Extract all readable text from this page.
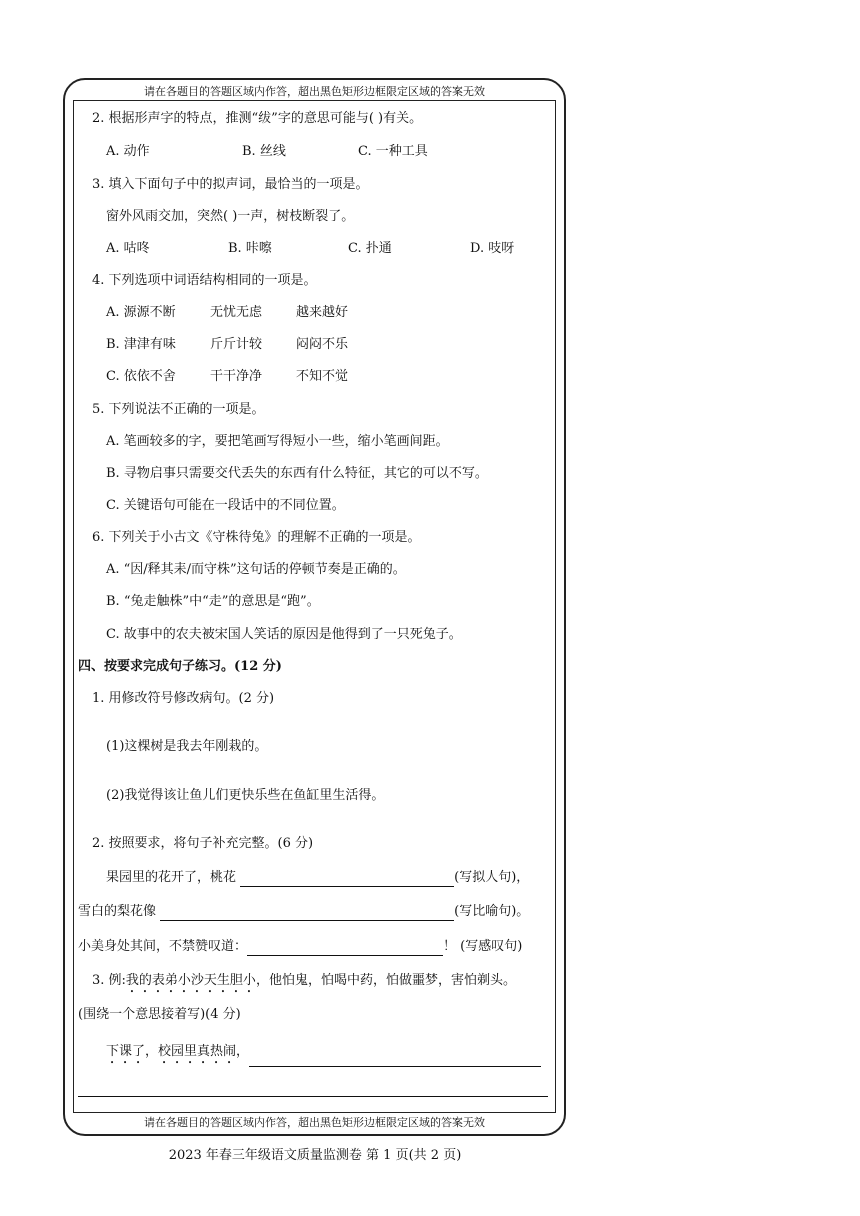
请在各题目的答题区域内作答，超出黑色矩形边框限定区域的答案无效
请在各题目的答题区域内作答，超出黑色矩形边框限定区域的答案无效
2. 根据形声字的特点，推测“绂”字的意思可能与( )有关。
A. 动作	B. 丝线	C. 一种工具
3. 填入下面句子中的拟声词，最恰当的一项是。
窗外风雨交加，突然( )一声，树枝断裂了。
A. 咕咚	B. 咔嚓	C. 扑通	D. 吱呀
4. 下列选项中词语结构相同的一项是。
A. 源源不断	无忧无虑	越来越好
B. 津津有味	斤斤计较	闷闷不乐
C. 依依不舍	干干净净	不知不觉
5. 下列说法不正确的一项是。
A. 笔画较多的字，要把笔画写得短小一些，缩小笔画间距。
B. 寻物启事只需要交代丢失的东西有什么特征，其它的可以不写。
C. 关键语句可能在一段话中的不同位置。
6. 下列关于小古文《守株待兔》的理解不正确的一项是。
A. “因/释其耒/而守株”这句话的停顿节奏是正确的。
B. “兔走触株”中“走”的意思是“跑”。
C. 故事中的农夫被宋国人笑话的原因是他得到了一只死兔子。
四、按要求完成句子练习。(12 分)
1. 用修改符号修改病句。(2 分)
(1)这棵树是我去年刚栽的。
(2)我觉得该让鱼儿们更快乐些在鱼缸里生活得。
2. 按照要求，将句子补充完整。(6 分)
果园里的花开了，桃花	(写拟人句)，
雪白的梨花像	(写比喻句)。
小美身处其间，不禁赞叹道：	！ (写感叹句)
3. 例:我的表弟小沙天生胆小，他怕鬼，怕喝中药，怕做噩梦，害怕剃头。
(围绕一个意思接着写)(4 分)
下课了，校园里真热闹，
2023 年春三年级语文质量监测卷 第 1 页(共 2 页)
